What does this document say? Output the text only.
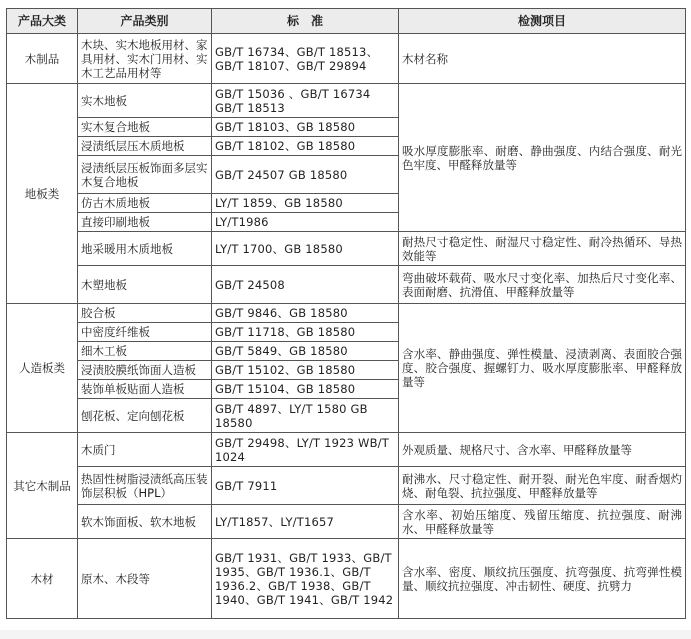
产品大类	产品类别	标　准	检测项目
木制品	木块、实木地板用材、家具用材、实木门用材、实木工艺品用材等	GB/T 16734、GB/T 18513、GB/T 18107、GB/T 29894	木材名称
地板类	实木地板	GB/T 15036 、GB/T 16734 GB/T 18513	吸水厚度膨胀率、耐磨、静曲强度、内结合强度、耐光色牢度、甲醛释放量等
	实木复合地板	GB/T 18103、GB 18580	
	浸渍纸层压木质地板	GB/T 18102、GB 18580	
	浸渍纸层压板饰面多层实木复合地板	GB/T 24507 GB 18580	
	仿古木质地板	LY/T 1859、GB 18580	
	直接印刷地板	LY/T1986	
	地采暖用木质地板	LY/T 1700、GB 18580	耐热尺寸稳定性、耐湿尺寸稳定性、耐冷热循环、导热效能等
	木塑地板	GB/T 24508	弯曲破坏载荷、吸水尺寸变化率、加热后尺寸变化率、表面耐磨、抗滑值、甲醛释放量等
人造板类	胶合板	GB/T 9846、GB 18580	含水率、静曲强度、弹性模量、浸渍剥离、表面胶合强度、胶合强度、握螺钉力、吸水厚度膨胀率、甲醛释放量等
	中密度纤维板	GB/T 11718、GB 18580	
	细木工板	GB/T 5849、GB 18580	
	浸渍胶膜纸饰面人造板	GB/T 15102、GB 18580	
	装饰单板贴面人造板	GB/T 15104、GB 18580	
	刨花板、定向刨花板	GB/T 4897、LY/T 1580 GB 18580	
其它木制品	木质门	GB/T 29498、LY/T 1923 WB/T 1024	外观质量、规格尺寸、含水率、甲醛释放量等
	热固性树脂浸渍纸高压装饰层积板（HPL）	GB/T 7911	耐沸水、尺寸稳定性、耐开裂、耐光色牢度、耐香烟灼烧、耐龟裂、抗拉强度、甲醛释放量等
	软木饰面板、软木地板	LY/T1857、LY/T1657	含水率、初始压缩度、残留压缩度、抗拉强度、耐沸水、甲醛释放量等
木材	原木、木段等	GB/T 1931、GB/T 1933、GB/T 1935、GB/T 1936.1、GB/T 1936.2、GB/T 1938、GB/T 1940、GB/T 1941、GB/T 1942	含水率、密度、顺纹抗压强度、抗弯强度、抗弯弹性模量、顺纹抗拉强度、冲击韧性、硬度、抗劈力
